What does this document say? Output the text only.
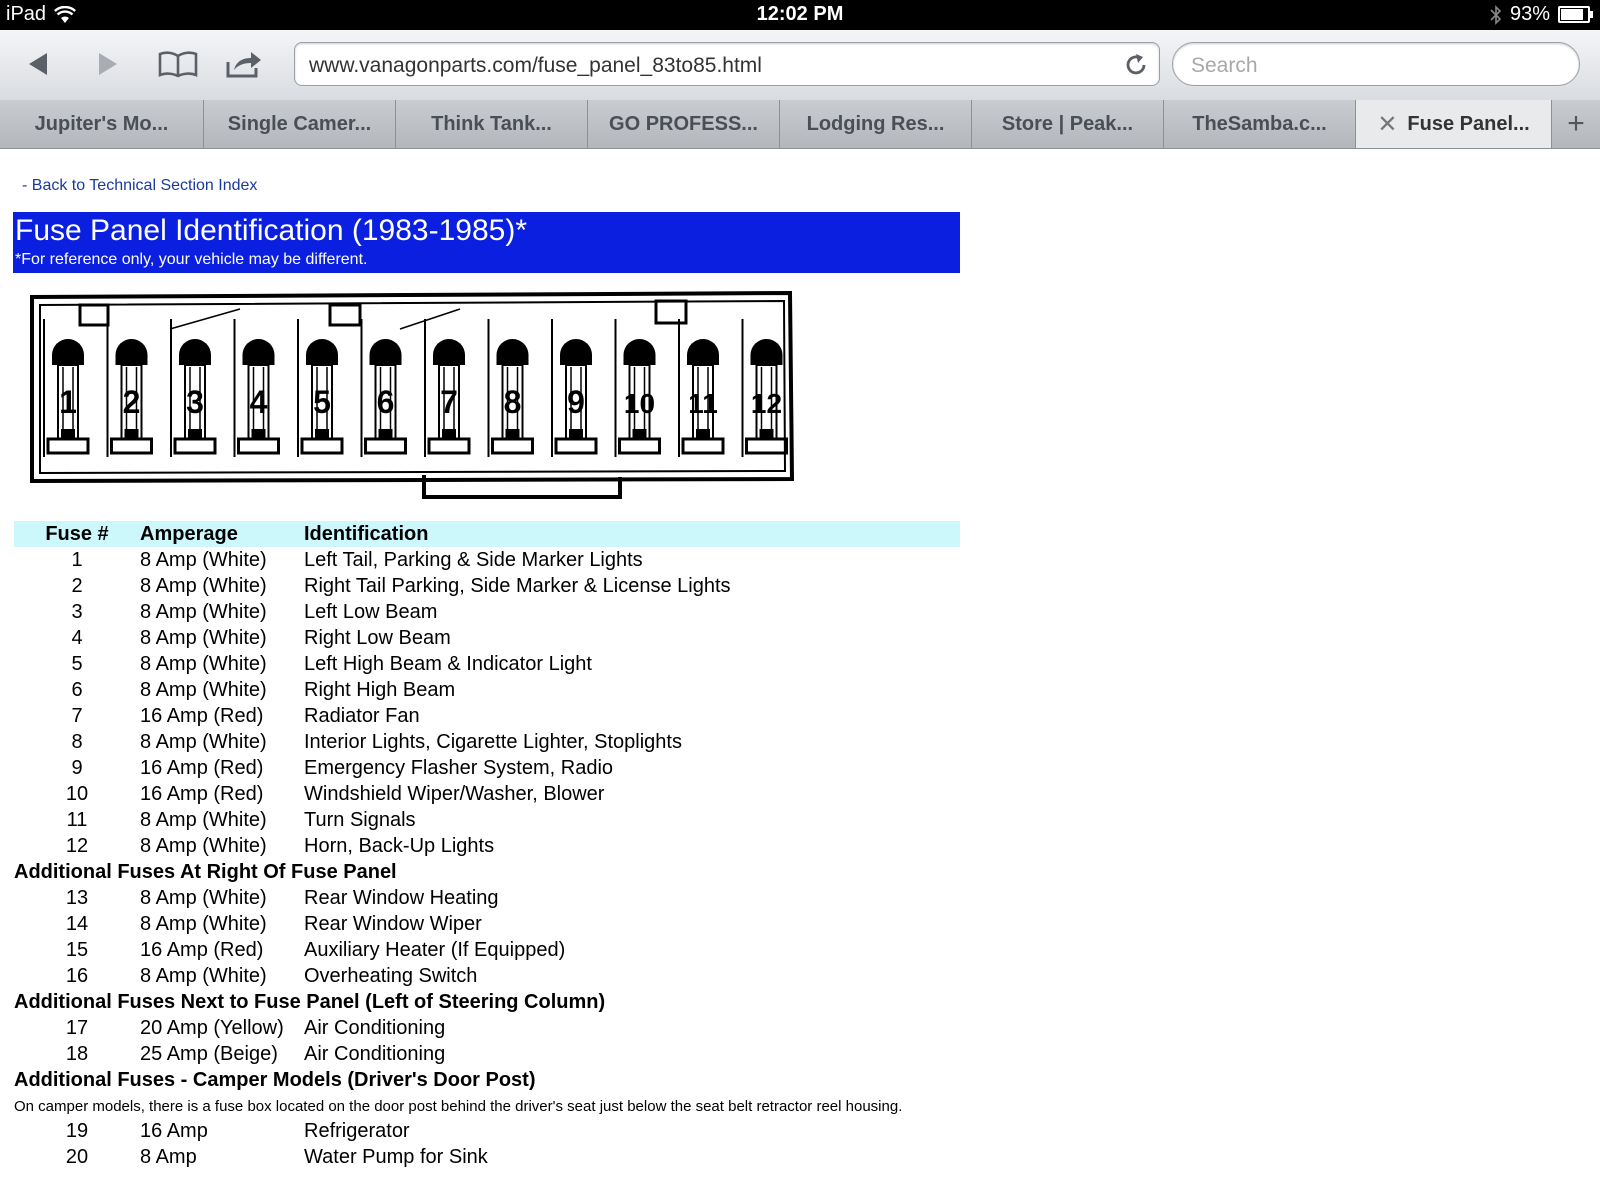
iPad	12:02 PM	93%
www.vanagonparts.com/fuse_panel_83to85.html
Search
Jupiter's Mo...	Single Camer...	Think Tank...	GO PROFESS... Lodging Res...	Store | Peak...	TheSamba.c... ✕ Fuse Panel... +
- Back to Technical Section Index
Fuse Panel Identification (1983-1985)*
*For reference only, your vehicle may be different.
1 2 3 4 5 6 7 8 9 10 11 12
Fuse #	Amperage	Identification
1	8 Amp (White)	Left Tail, Parking & Side Marker Lights
2	8 Amp (White)	Right Tail Parking, Side Marker & License Lights
3	8 Amp (White)	Left Low Beam
4	8 Amp (White)	Right Low Beam
5	8 Amp (White)	Left High Beam & Indicator Light
6	8 Amp (White)	Right High Beam
7	16 Amp (Red)	Radiator Fan
8	8 Amp (White)	Interior Lights, Cigarette Lighter, Stoplights
9	16 Amp (Red)	Emergency Flasher System, Radio
10	16 Amp (Red)	Windshield Wiper/Washer, Blower
11	8 Amp (White)	Turn Signals
12	8 Amp (White)	Horn, Back-Up Lights
Additional Fuses At Right Of Fuse Panel		
13	8 Amp (White)	Rear Window Heating
14	8 Amp (White)	Rear Window Wiper
15	16 Amp (Red)	Auxiliary Heater (If Equipped)
16	8 Amp (White)	Overheating Switch
Additional Fuses Next to Fuse Panel (Left of Steering Column)		
17	20 Amp (Yellow)	Air Conditioning
18	25 Amp (Beige)	Air Conditioning
Additional Fuses - Camper Models (Driver's Door Post)		
On camper models, there is a fuse box located on the door post behind the driver's seat just below the seat belt retractor reel housing.		
19	16 Amp	Refrigerator
20	8 Amp	Water Pump for Sink
